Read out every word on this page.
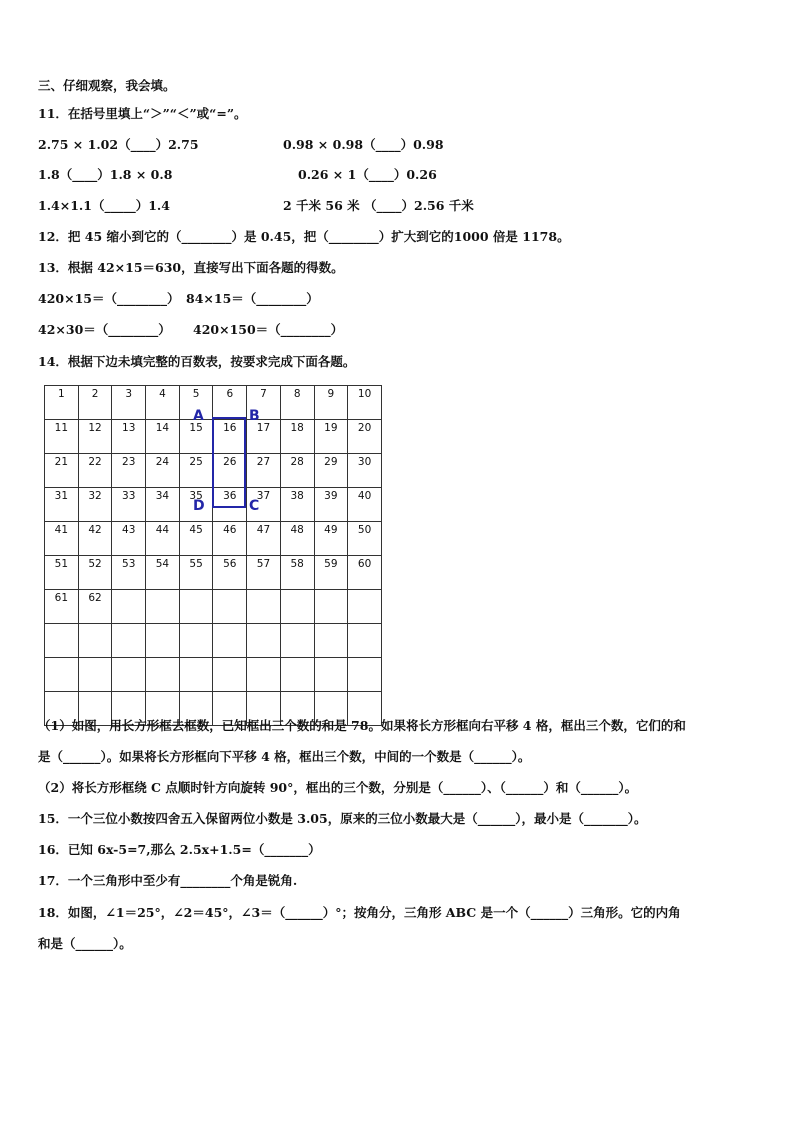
三、仔细观察，我会填。
11．在括号里填上“＞”“＜”或“=”。
2.75 × 1.02（____）2.75	0.98 × 0.98（____）0.98
1.8（____）1.8 × 0.8	0.26 × 1（____）0.26
1.4×1.1（_____）1.4	2 千米 56 米 （____）2.56 千米
12．把 45 缩小到它的（________）是 0.45，把（________）扩大到它的1000 倍是 1178。
13．根据 42×15＝630，直接写出下面各题的得数。
420×15＝（________） 84×15＝（________）
42×30＝（________） 420×150＝（________）
14．根据下边未填完整的百数表，按要求完成下面各题。
1	2	3	4	5	6	7	8	9	10
11	12	13	14	15	16	17	18	19	20
21	22	23	24	25	26	27	28	29	30
31	32	33	34	35	36	37	38	39	40
41	42	43	44	45	46	47	48	49	50
51	52	53	54	55	56	57	58	59	60
61	62								

A	B
C
D
（1）如图，用长方形框去框数，已知框出三个数的和是 78。如果将长方形框向右平移 4 格，框出三个数，它们的和
是（______）。如果将长方形框向下平移 4 格，框出三个数，中间的一个数是（______）。
（2）将长方形框绕 C 点顺时针方向旋转 90°，框出的三个数，分别是（______）、（______）和（______）。
15．一个三位小数按四舍五入保留两位小数是 3.05，原来的三位小数最大是（______），最小是（_______）。
16．已知 6x-5=7,那么 2.5x+1.5=（_______）
17．一个三角形中至少有________个角是锐角.
18．如图，∠1＝25°，∠2＝45°，∠3＝（______）°；按角分，三角形 ABC 是一个（______）三角形。它的内角
和是（______）。
